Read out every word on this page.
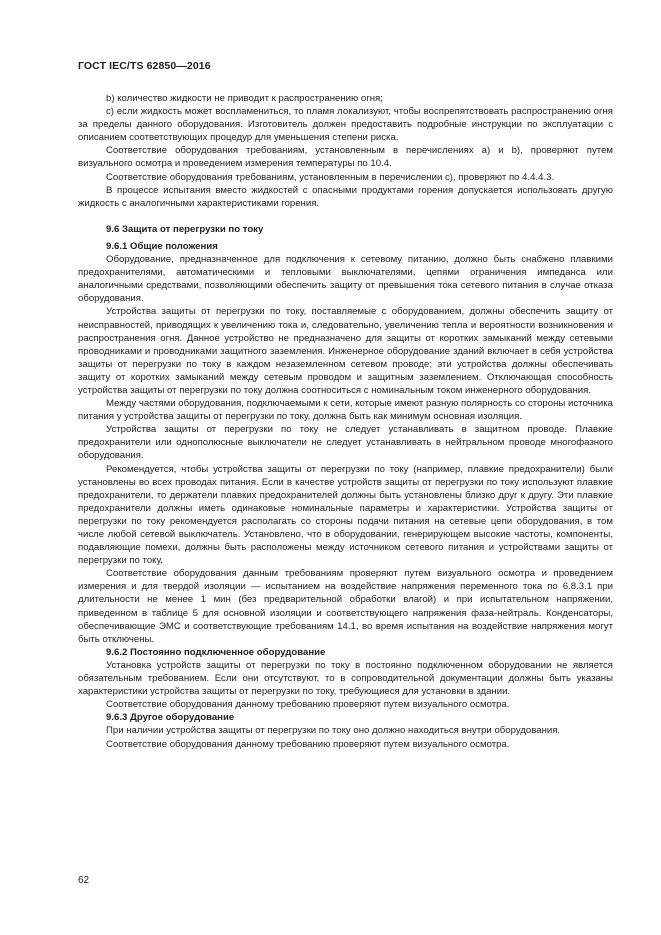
ГОСТ IEC/TS 62850—2016

b) количество жидкости не приводит к распространению огня;

c) если жидкость может воспламениться, то пламя локализуют, чтобы воспрепятствовать распространению огня за пределы данного оборудования. Изготовитель должен предоставить подробные инструкции по эксплуатации с описанием соответствующих процедур для уменьшения степени риска.

Соответствие оборудования требованиям, установленным в перечислениях a) и b), проверяют путем визуального осмотра и проведением измерения температуры по 10.4.

Соответствие оборудования требованиям, установленным в перечислении c), проверяют по 4.4.4.3.

В процессе испытания вместо жидкостей с опасными продуктами горения допускается использовать другую жидкость с аналогичными характеристиками горения.

9.6 Защита от перегрузки по току
9.6.1 Общие положения

Оборудование, предназначенное для подключения к сетевому питанию, должно быть снабжено плавкими предохранителями, автоматическими и тепловыми выключателями, цепями ограничения импеданса или аналогичными средствами, позволяющими обеспечить защиту от превышения тока сетевого питания в случае отказа оборудования.

Устройства защиты от перегрузки по току, поставляемые с оборудованием, должны обеспечить защиту от неисправностей, приводящих к увеличению тока и, следовательно, увеличению тепла и вероятности возникновения и распространения огня. Данное устройство не предназначено для защиты от коротких замыканий между сетевыми проводниками и проводниками защитного заземления. Инженерное оборудование зданий включает в себя устройства защиты от перегрузки по току в каждом незаземленном сетевом проводе; эти устройства должны обеспечивать защиту от коротких замыканий между сетевым проводом и защитным заземлением. Отключающая способность устройства защиты от перегрузки по току должна соотноситься с номинальным током инженерного оборудования.

Между частями оборудования, подключаемыми к сети, которые имеют разную полярность со стороны источника питания у устройства защиты от перегрузки по току, должна быть как минимум основная изоляция.

Устройства защиты от перегрузки по току не следует устанавливать в защитном проводе. Плавкие предохранители или однополюсные выключатели не следует устанавливать в нейтральном проводе многофазного оборудования.

Рекомендуется, чтобы устройства защиты от перегрузки по току (например, плавкие предохранители) были установлены во всех проводах питания. Если в качестве устройств защиты от перегрузки по току используют плавкие предохранители, то держатели плавких предохранителей должны быть установлены близко друг к другу. Эти плавкие предохранители должны иметь одинаковые номинальные параметры и характеристики. Устройства защиты от перегрузки по току рекомендуется располагать со стороны подачи питания на сетевые цепи оборудования, в том числе любой сетевой выключатель. Установлено, что в оборудовании, генерирующем высокие частоты, компоненты, подавляющие помехи, должны быть расположены между источником сетевого питания и устройствами защиты от перегрузки по току.

Соответствие оборудования данным требованиям проверяют путем визуального осмотра и проведением измерения и для твердой изоляции — испытанием на воздействие напряжения переменного тока по 6.8.3.1 при длительности не менее 1 мин (без предварительной обработки влагой) и при испытательном напряжении, приведенном в таблице 5 для основной изоляции и соответствующего напряжения фаза-нейтраль. Конденсаторы, обеспечивающие ЭМС и соответствующие требованиям 14.1, во время испытания на воздействие напряжения могут быть отключены.

9.6.2 Постоянно подключенное оборудование

Установка устройств защиты от перегрузки по току в постоянно подключенном оборудовании не является обязательным требованием. Если они отсутствуют, то в сопроводительной документации должны быть указаны характеристики устройства защиты от перегрузки по току, требующиеся для установки в здании.

Соответствие оборудования данному требованию проверяют путем визуального осмотра.

9.6.3 Другое оборудование

При наличии устройства защиты от перегрузки по току оно должно находиться внутри оборудования.

Соответствие оборудования данному требованию проверяют путем визуального осмотра.

62
